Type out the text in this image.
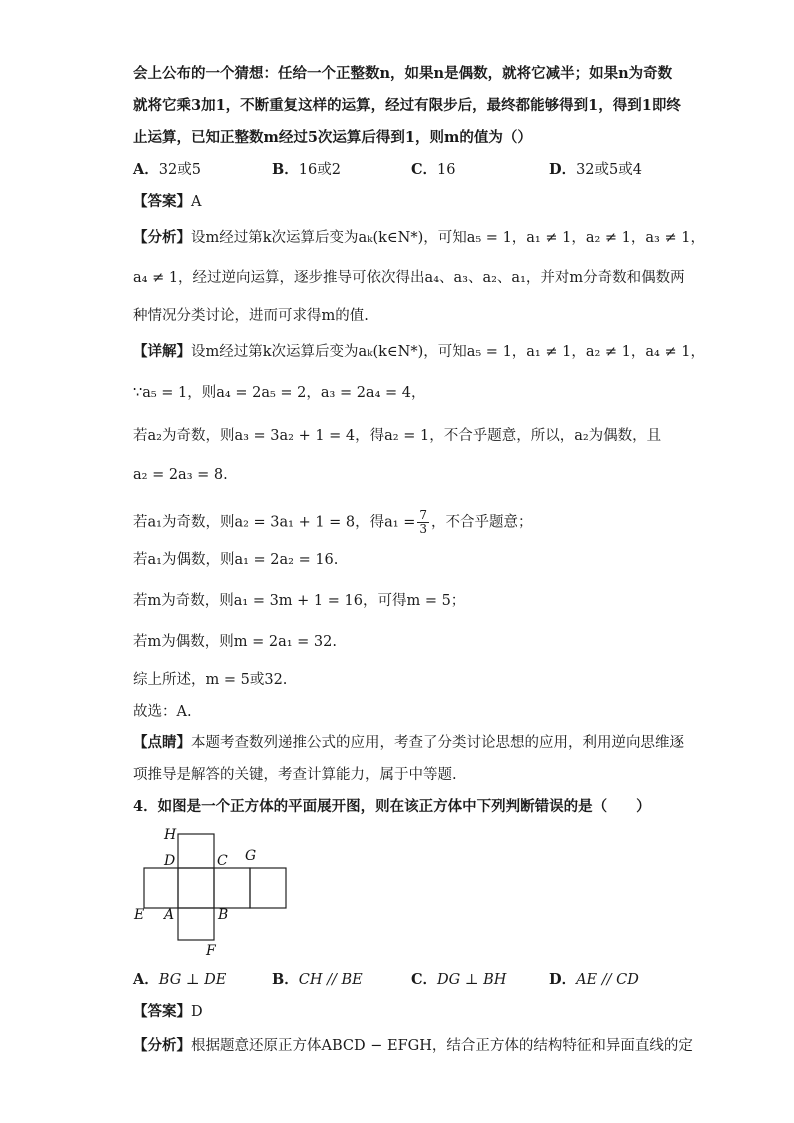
会上公布的一个猜想：任给一个正整数n，如果n是偶数，就将它减半；如果n为奇数
就将它乘3加1，不断重复这样的运算，经过有限步后，最终都能够得到1，得到1即终
止运算，已知正整数m经过5次运算后得到1，则m的值为（）
A．32或5	B．16或2	C．16	D．32或5或4
【答案】A
【分析】设m经过第k次运算后变为aₖ(k∈N*)，可知a₅ = 1，a₁ ≠ 1，a₂ ≠ 1，a₃ ≠ 1，
a₄ ≠ 1，经过逆向运算，逐步推导可依次得出a₄、a₃、a₂、a₁，并对m分奇数和偶数两
种情况分类讨论，进而可求得m的值.
【详解】设m经过第k次运算后变为aₖ(k∈N*)，可知a₅ = 1，a₁ ≠ 1，a₂ ≠ 1，a₄ ≠ 1，
∵a₅ = 1，则a₄ = 2a₅ = 2，a₃ = 2a₄ = 4，
若a₂为奇数，则a₃ = 3a₂ + 1 = 4，得a₂ = 1，不合乎题意，所以，a₂为偶数，且
a₂ = 2a₃ = 8.
若a₁为奇数，则a₂ = 3a₁ + 1 = 8，得$a_1 = \frac{7}{3}$ ，不合乎题意；
若a₁为偶数，则a₁ = 2a₂ = 16.
若m为奇数，则a₁ = 3m + 1 = 16，可得m = 5；
若m为偶数，则m = 2a₁ = 32.
综上所述，m = 5或32.
故选：A.
【点睛】本题考查数列递推公式的应用，考查了分类讨论思想的应用，利用逆向思维逐
项推导是解答的关键，考查计算能力，属于中等题.
4．如图是一个正方体的平面展开图，则在该正方体中下列判断错误的是（　　）
H
D	C G
E A	B
F
A．BG ⊥ DE	B．CH // BE	C．DG ⊥ BH	D．AE // CD
【答案】D
【分析】根据题意还原正方体ABCD − EFGH，结合正方体的结构特征和异面直线的定
